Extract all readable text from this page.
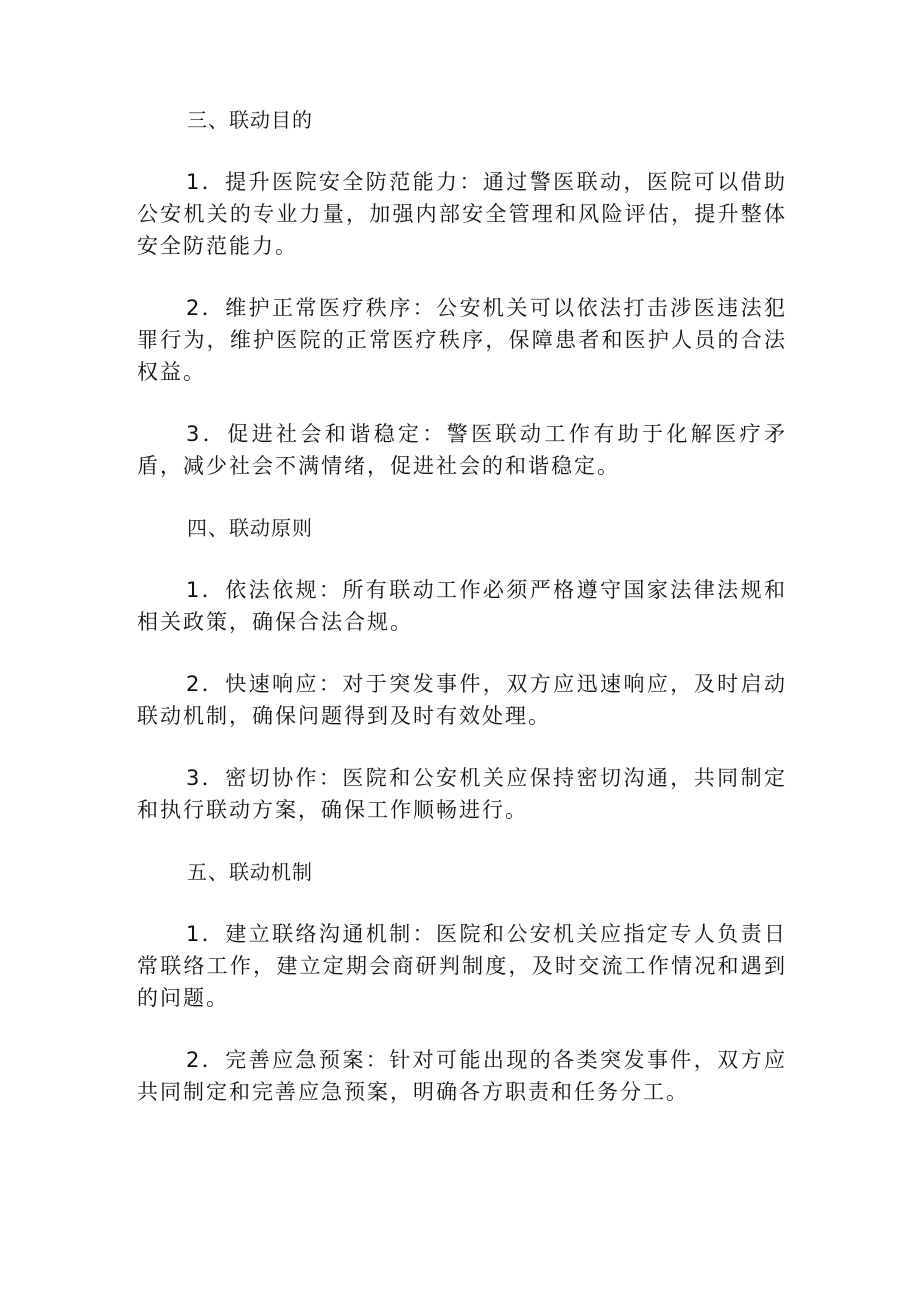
三、联动目的

1．提升医院安全防范能力：通过警医联动，医院可以借助公安机关的专业力量，加强内部安全管理和风险评估，提升整体安全防范能力。

2．维护正常医疗秩序：公安机关可以依法打击涉医违法犯罪行为，维护医院的正常医疗秩序，保障患者和医护人员的合法权益。

3．促进社会和谐稳定：警医联动工作有助于化解医疗矛盾，减少社会不满情绪，促进社会的和谐稳定。

四、联动原则

1．依法依规：所有联动工作必须严格遵守国家法律法规和相关政策，确保合法合规。

2．快速响应：对于突发事件，双方应迅速响应，及时启动联动机制，确保问题得到及时有效处理。

3．密切协作：医院和公安机关应保持密切沟通，共同制定和执行联动方案，确保工作顺畅进行。

五、联动机制

1．建立联络沟通机制：医院和公安机关应指定专人负责日常联络工作，建立定期会商研判制度，及时交流工作情况和遇到的问题。

2．完善应急预案：针对可能出现的各类突发事件，双方应共同制定和完善应急预案，明确各方职责和任务分工。
